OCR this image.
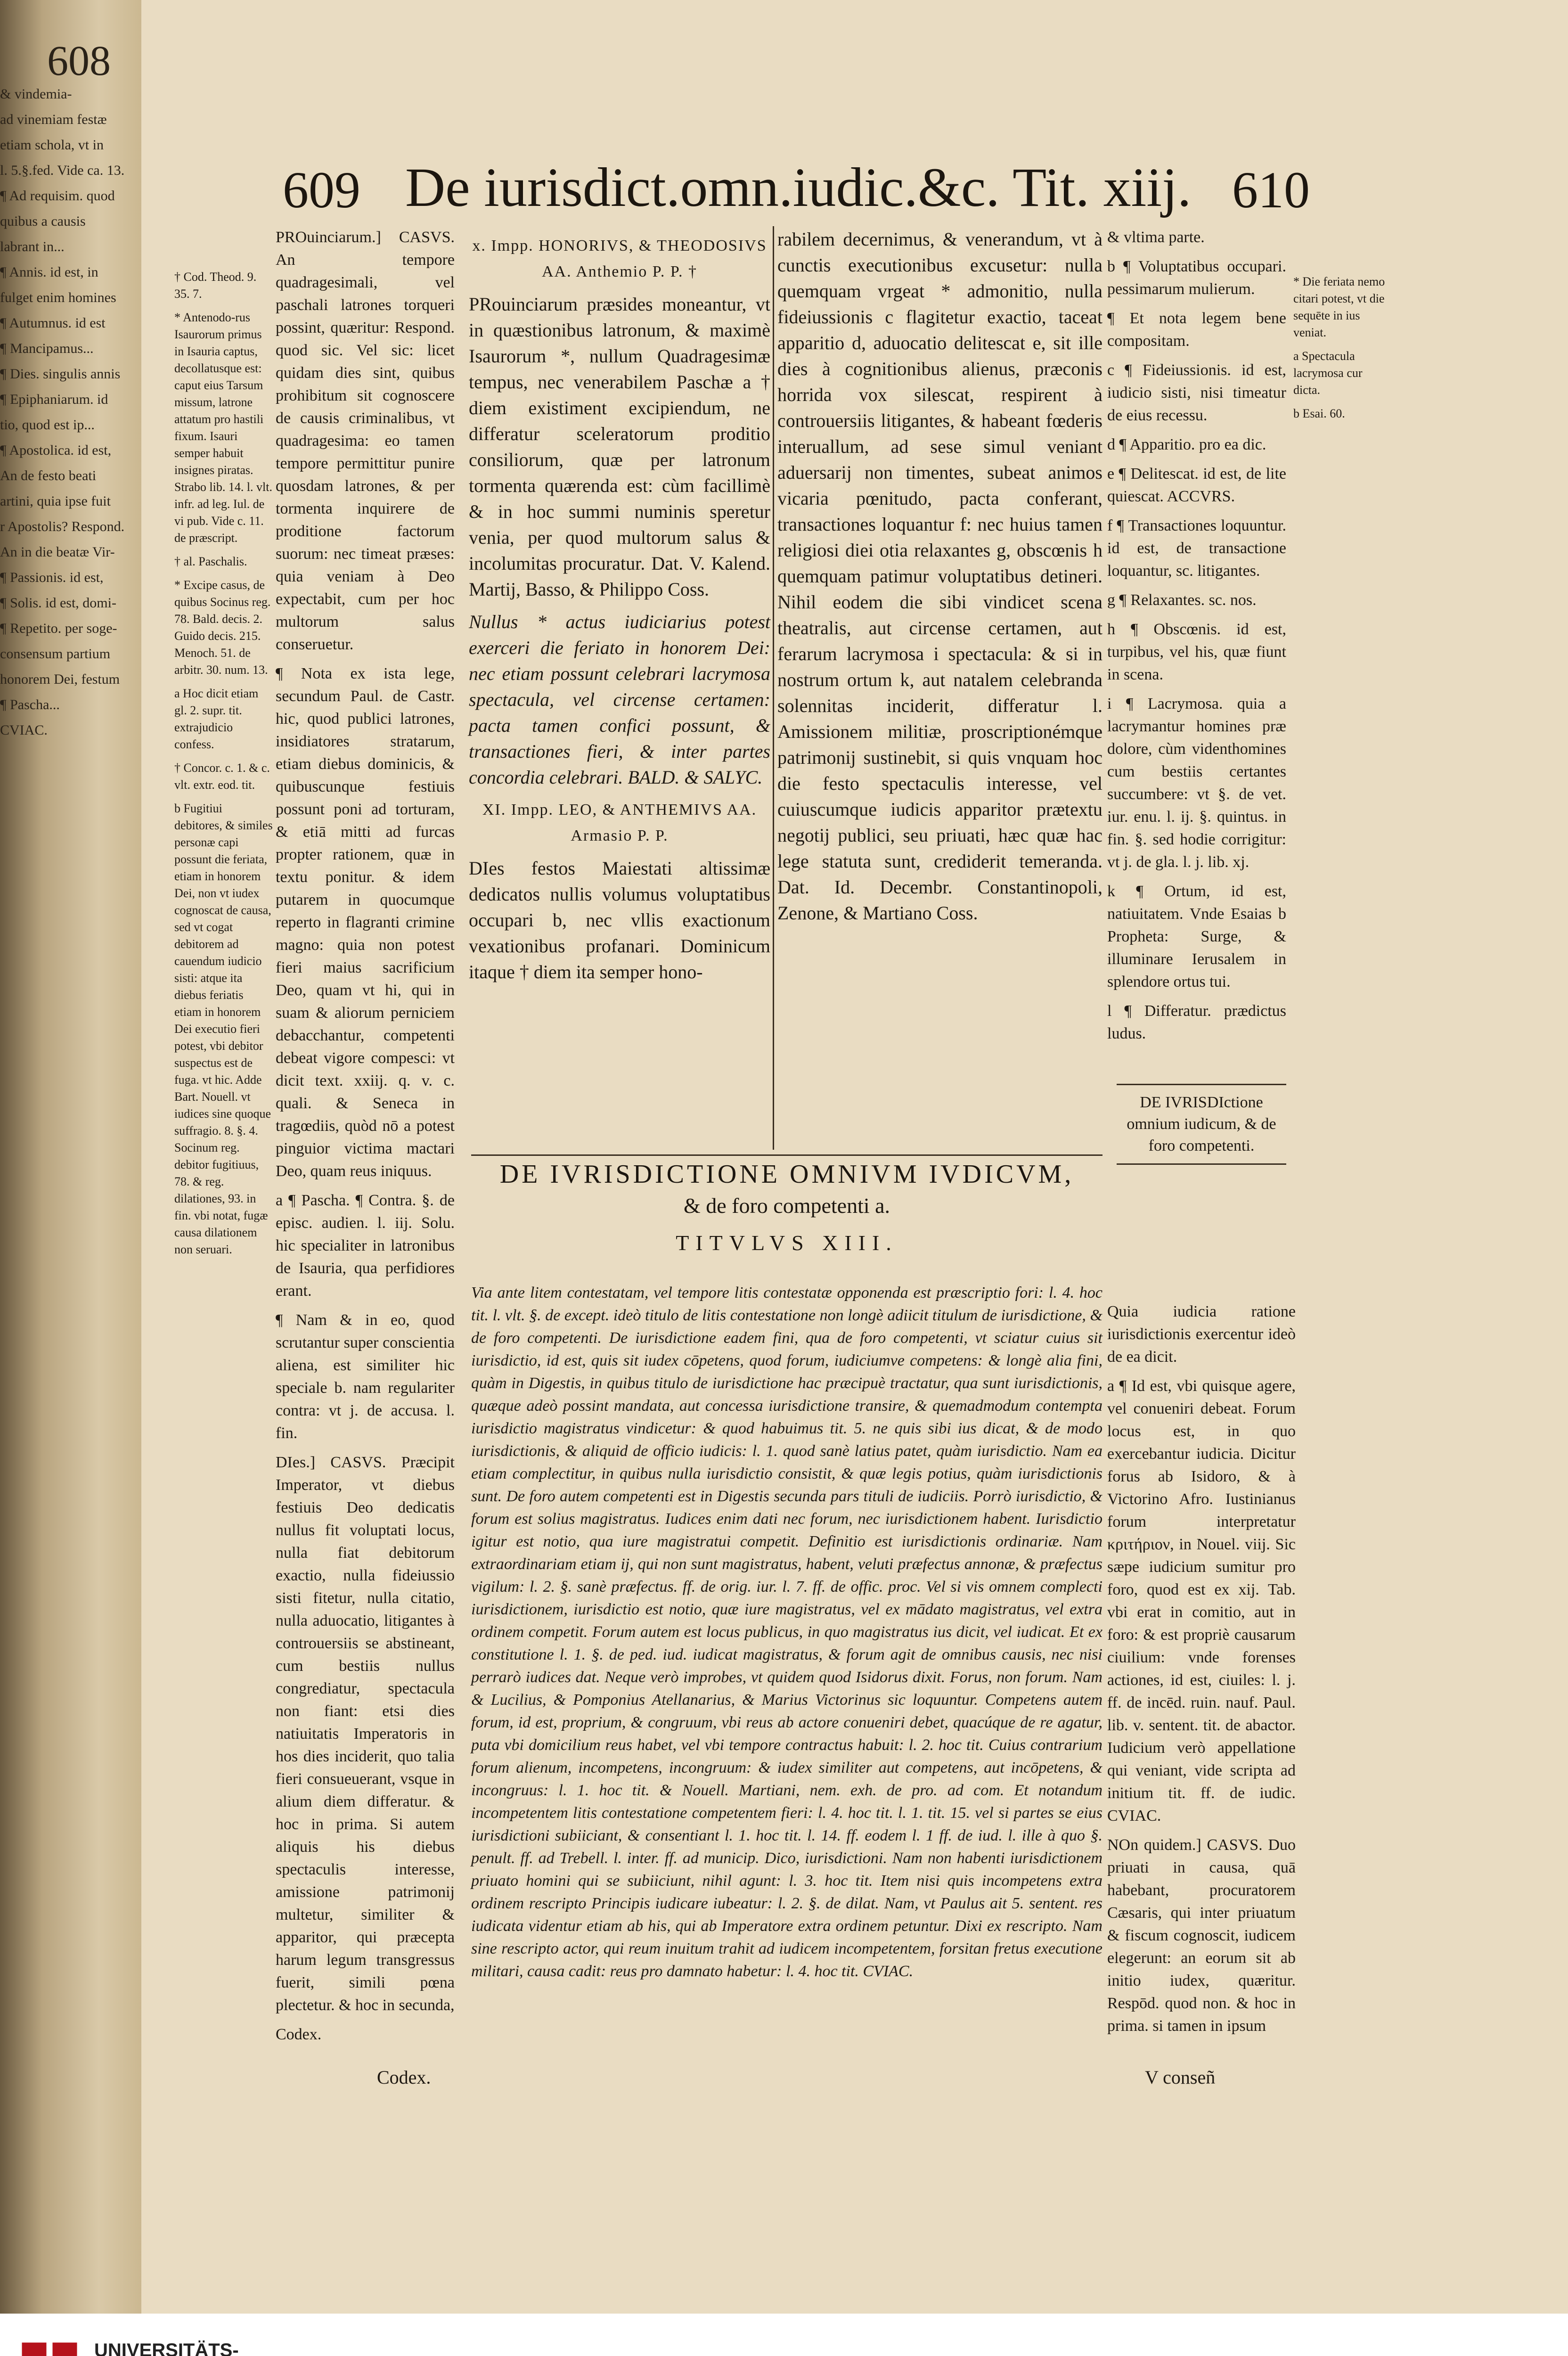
608
& vindemia-
ad vinemiam festæ
etiam schola, vt in
l. 5.§.fed. Vide ca. 13.
¶ Ad requisim. quod
quibus a causis
labrant in...
¶ Annis. id est, in
fulget enim homines
¶ Autumnus. id est
¶ Mancipamus...
¶ Dies. singulis annis
¶ Epiphaniarum. id
tio, quod est ip...
¶ Apostolica. id est,
An de festo beati
artini, quia ipse fuit
r Apostolis? Respond.
An in die beatæ Vir-
¶ Passionis. id est,
¶ Solis. id est, domi-
¶ Repetito. per soge-
consensum partium
honorem Dei, festum
¶ Pascha...
CVIAC.
609 De iurisdict.omn.iudic.&c. Tit. xiij. 610
† Cod. Theod. 9. 35. 7.
* Antenodo-rus Isaurorum primus in Isauria captus, decollatusque est: caput eius Tarsum missum, latrone attatum pro hastili fixum. Isauri semper habuit insignes piratas. Strabo lib. 14. l. vlt. infr. ad leg. Iul. de vi pub. Vide c. 11. de præscript.
† al. Paschalis.
* Excipe casus, de quibus Socinus reg. 78. Bald. decis. 2. Guido decis. 215. Menoch. 51. de arbitr. 30. num. 13.
a Hoc dicit etiam gl. 2. supr. tit. extrajudicio confess.
† Concor. c. 1. & c. vlt. extr. eod. tit.
b Fugitiui debitores, & similes personæ capi possunt die feriata, etiam in honorem Dei, non vt iudex cognoscat de causa, sed vt cogat debitorem ad cauendum iudicio sisti: atque ita diebus feriatis etiam in honorem Dei executio fieri potest, vbi debitor suspectus est de fuga. vt hic. Adde Bart. Nouell. vt iudices sine quoque suffragio. 8. §. 4. Socinum reg. debitor fugitiuus, 78. & reg. dilationes, 93. in fin. vbi notat, fugæ causa dilationem non seruari.
PROuinciarum.] CASVS. An tempore quadragesimali, vel paschali latrones torqueri possint, quæritur: Respond. quod sic. Vel sic: licet quidam dies sint, quibus prohibitum sit cognoscere de causis criminalibus, vt quadragesima: eo tamen tempore permittitur punire quosdam latrones, & per tormenta inquirere de proditione factorum suorum: nec timeat præses: quia veniam à Deo expectabit, cum per hoc multorum salus conseruetur.
¶ Nota ex ista lege, secundum Paul. de Castr. hic, quod publici latrones, insidiatores stratarum, etiam diebus dominicis, & quibuscunque festiuis possunt poni ad torturam, & etiā mitti ad furcas propter rationem, quæ in textu ponitur. & idem putarem in quocumque reperto in flagranti crimine magno: quia non potest fieri maius sacrificium Deo, quam vt hi, qui in suam & aliorum perniciem debacchantur, competenti debeat vigore compesci: vt dicit text. xxiij. q. v. c. quali. & Seneca in tragœdiis, quòd nō a potest pinguior victima mactari Deo, quam reus iniquus.
a ¶ Pascha. ¶ Contra. §. de episc. audien. l. iij. Solu. hic specialiter in latronibus de Isauria, qua perfidiores erant.
¶ Nam & in eo, quod scrutantur super conscientia aliena, est similiter hic speciale b. nam regulariter contra: vt j. de accusa. l. fin.
DIes.] CASVS. Præcipit Imperator, vt diebus festiuis Deo dedicatis nullus fit voluptati locus, nulla fiat debitorum exactio, nulla fideiussio sisti fitetur, nulla citatio, nulla aduocatio, litigantes à controuersiis se abstineant, cum bestiis nullus congrediatur, spectacula non fiant: etsi dies natiuitatis Imperatoris in hos dies inciderit, quo talia fieri consueuerant, vsque in alium diem differatur. & hoc in prima. Si autem aliquis his diebus spectaculis interesse, amissione patrimonij multetur, similiter & apparitor, qui præcepta harum legum transgressus fuerit, simili pœna plectetur. & hoc in secunda,
Codex.
x. Impp. HONORIVS, & THEODOSIVS AA. Anthemio P. P. †

PRouinciarum præsides moneantur, vt in quæstionibus latronum, & maximè Isaurorum *, nullum Quadragesimæ tempus, nec venerabilem Paschæ a † diem existiment excipiendum, ne differatur sceleratorum proditio consiliorum, quæ per latronum tormenta quærenda est: cùm facillimè & in hoc summi numinis speretur venia, per quod multorum salus & incolumitas procuratur. Dat. V. Kalend. Martij, Basso, & Philippo Coss.

Nullus * actus iudiciarius potest exerceri die feriato in honorem Dei: nec etiam possunt celebrari lacrymosa spectacula, vel circense certamen: pacta tamen confici possunt, & transactiones fieri, & inter partes concordia celebrari. BALD. & SALYC.

XI. Impp. LEO, & ANTHEMIVS AA. Armasio P. P.

DIes festos Maiestati altissimæ dedicatos nullis volumus voluptatibus occupari b, nec vllis exactionum vexationibus profanari. Dominicum itaque † diem ita semper hono-

rabilem decernimus, & venerandum, vt à cunctis executionibus excusetur: nulla quemquam vrgeat * admonitio, nulla fideiussionis c flagitetur exactio, taceat apparitio d, aduocatio delitescat e, sit ille dies à cognitionibus alienus, præconis horrida vox silescat, respirent à controuersiis litigantes, & habeant fœderis interuallum, ad sese simul veniant aduersarij non timentes, subeat animos vicaria pœnitudo, pacta conferant, transactiones loquantur f: nec huius tamen religiosi diei otia relaxantes g, obscœnis h quemquam patimur voluptatibus detineri. Nihil eodem die sibi vindicet scena theatralis, aut circense certamen, aut ferarum lacrymosa i spectacula: & si in nostrum ortum k, aut natalem celebranda solennitas inciderit, differatur l. Amissionem militiæ, proscriptionémque patrimonij sustinebit, si quis vnquam hoc die festo spectaculis interesse, vel cuiuscumque iudicis apparitor prætextu negotij publici, seu priuati, hæc quæ hac lege statuta sunt, crediderit temeranda. Dat. Id. Decembr. Constantinopoli, Zenone, & Martiano Coss.

& vltima parte.
b ¶ Voluptatibus occupari. pessimarum mulierum.
¶ Et nota legem bene compositam.
c ¶ Fideiussionis. id est, iudicio sisti, nisi timeatur de eius recessu.
d ¶ Apparitio. pro ea dic.
e ¶ Delitescat. id est, de lite quiescat. ACCVRS.
f ¶ Transactiones loquuntur. id est, de transactione loquantur, sc. litigantes.
g ¶ Relaxantes. sc. nos.
h ¶ Obscœnis. id est, turpibus, vel his, quæ fiunt in scena.
i ¶ Lacrymosa. quia a lacrymantur homines præ dolore, cùm videnthomines cum bestiis certantes succumbere: vt §. de vet. iur. enu. l. ij. §. quintus. in fin. §. sed hodie corrigitur: vt j. de gla. l. j. lib. xj.
k ¶ Ortum, id est, natiuitatem. Vnde Esaias b Propheta: Surge, & illuminare Ierusalem in splendore ortus tui.
l ¶ Differatur. prædictus ludus.
* Die feriata nemo citari potest, vt die sequēte in ius veniat.
a Spectacula lacrymosa cur dicta.
b Esai. 60.
DE IVRISDICTIONE OMNIVM IVDICVM,
& de foro competenti a.
TITVLVS XIII.
Via ante litem contestatam, vel tempore litis contestatæ opponenda est præscriptio fori: l. 4. hoc tit. l. vlt. §. de except. ideò titulo de litis contestatione non longè adiicit titulum de iurisdictione, & de foro competenti. De iurisdictione eadem fini, qua de foro competenti, vt sciatur cuius sit iurisdictio, id est, quis sit iudex cōpetens, quod forum, iudiciumve competens: & longè alia fini, quàm in Digestis, in quibus titulo de iurisdictione hac præcipuè tractatur, qua sunt iurisdictionis, quæque adeò possint mandata, aut concessa iurisdictione transire, & quemadmodum contempta iurisdictio magistratus vindicetur: & quod habuimus tit. 5. ne quis sibi ius dicat, & de modo iurisdictionis, & aliquid de officio iudicis: l. 1. quod sanè latius patet, quàm iurisdictio. Nam ea etiam complectitur, in quibus nulla iurisdictio consistit, & quæ legis potius, quàm iurisdictionis sunt. De foro autem competenti est in Digestis secunda pars tituli de iudiciis. Porrò iurisdictio, & forum est solius magistratus. Iudices enim dati nec forum, nec iurisdictionem habent. Iurisdictio igitur est notio, qua iure magistratui competit. Definitio est iurisdictionis ordinariæ. Nam extraordinariam etiam ij, qui non sunt magistratus, habent, veluti præfectus annonæ, & præfectus vigilum: l. 2. §. sanè præfectus. ff. de orig. iur. l. 7. ff. de offic. proc. Vel si vis omnem complecti iurisdictionem, iurisdictio est notio, quæ iure magistratus, vel ex mādato magistratus, vel extra ordinem competit. Forum autem est locus publicus, in quo magistratus ius dicit, vel iudicat. Et ex constitutione l. 1. §. de ped. iud. iudicat magistratus, & forum agit de omnibus causis, nec nisi perrarò iudices dat. Neque verò improbes, vt quidem quod Isidorus dixit. Forus, non forum. Nam & Lucilius, & Pomponius Atellanarius, & Marius Victorinus sic loquuntur. Competens autem forum, id est, proprium, & congruum, vbi reus ab actore conueniri debet, quacúque de re agatur, puta vbi domicilium reus habet, vel vbi tempore contractus habuit: l. 2. hoc tit. Cuius contrarium forum alienum, incompetens, incongruum: & iudex similiter aut competens, aut incōpetens, & incongruus: l. 1. hoc tit. & Nouell. Martiani, nem. exh. de pro. ad com. Et notandum incompetentem litis contestatione competentem fieri: l. 4. hoc tit. l. 1. tit. 15. vel si partes se eius iurisdictioni subiiciant, & consentiant l. 1. hoc tit. l. 14. ff. eodem l. 1 ff. de iud. l. ille à quo §. penult. ff. ad Trebell. l. inter. ff. ad municip. Dico, iurisdictioni. Nam non habenti iurisdictionem priuato homini qui se subiiciunt, nihil agunt: l. 3. hoc tit. Item nisi quis incompetens extra ordinem rescripto Principis iudicare iubeatur: l. 2. §. de dilat. Nam, vt Paulus ait 5. sentent. res iudicata videntur etiam ab his, qui ab Imperatore extra ordinem petuntur. Dixi ex rescripto. Nam sine rescripto actor, qui reum inuitum trahit ad iudicem incompetentem, forsitan fretus executione militari, causa cadit: reus pro damnato habetur: l. 4. hoc tit. CVIAC.
DE IVRISDIctione omnium iudicum, & de foro competenti.
Quia iudicia ratione iurisdictionis exercentur ideò de ea dicit.
a ¶ Id est, vbi quisque agere, vel conueniri debeat. Forum locus est, in quo exercebantur iudicia. Dicitur forus ab Isidoro, & à Victorino Afro. Iustinianus forum interpretatur κριτήριον, in Nouel. viij. Sic sæpe iudicium sumitur pro foro, quod est ex xij. Tab. vbi erat in comitio, aut in foro: & est propriè causarum ciuilium: vnde forenses actiones, id est, ciuiles: l. j. ff. de incēd. ruin. nauf. Paul. lib. v. sentent. tit. de abactor. Iudicium verò appellatione qui veniant, vide scripta ad initium tit. ff. de iudic. CVIAC.
NOn quidem.] CASVS. Duo priuati in causa, quā habebant, procuratorem Cæsaris, qui inter priuatum & fiscum cognoscit, iudicem elegerunt: an eorum sit ab initio iudex, quæritur. Respōd. quod non. & hoc in prima. si tamen in ipsum
Codex.	V conseñ
UNIVERSITÄTS-
